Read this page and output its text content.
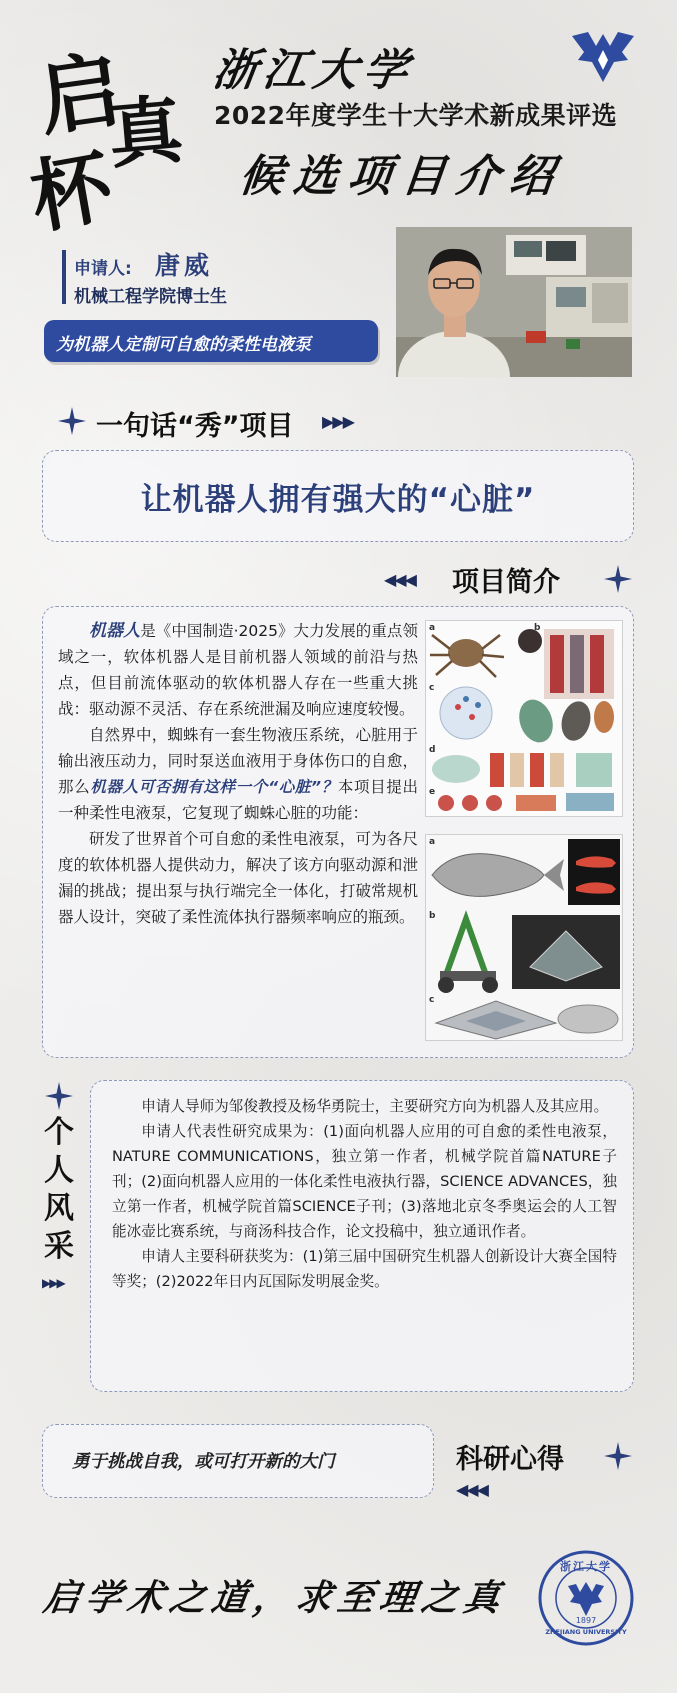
启
真
杯
浙江大学
2022年度学生十大学术新成果评选
候选项目介绍
申请人: 唐威
机械工程学院博士生
为机器人定制可自愈的柔性电液泵
一句话“秀”项目 ▶▶▶
让机器人拥有强大的“心脏”
◀◀◀ 项目简介

机器人是《中国制造·2025》大力发展的重点领域之一，软体机器人是目前机器人领域的前沿与热点，但目前流体驱动的软体机器人存在一些重大挑战：驱动源不灵活、存在系统泄漏及响应速度较慢。

自然界中，蜘蛛有一套生物液压系统，心脏用于输出液压动力，同时泵送血液用于身体伤口的自愈，那么机器人可否拥有这样一个“心脏”？本项目提出一种柔性电液泵，它复现了蜘蛛心脏的功能：

研发了世界首个可自愈的柔性电液泵，可为各尺度的软体机器人提供动力，解决了该方向驱动源和泄漏的挑战；提出泵与执行端完全一体化，打破常规机器人设计，突破了柔性流体执行器频率响应的瓶颈。

a	b
c
d
e
a
b
c
个
人
风
采
▶▶▶

申请人导师为邹俊教授及杨华勇院士，主要研究方向为机器人及其应用。

申请人代表性研究成果为：(1)面向机器人应用的可自愈的柔性电液泵，NATURE COMMUNICATIONS，独立第一作者，机械学院首篇NATURE子刊；(2)面向机器人应用的一体化柔性电液执行器，SCIENCE ADVANCES，独立第一作者，机械学院首篇SCIENCE子刊；(3)落地北京冬季奥运会的人工智能冰壶比赛系统，与商汤科技合作，论文投稿中，独立通讯作者。

申请人主要科研获奖为：(1)第三届中国研究生机器人创新设计大赛全国特等奖；(2)2022年日内瓦国际发明展金奖。

勇于挑战自我，或可打开新的大门	科研心得
◀◀◀
启学术之道，求至理之真
浙江大学
1897
ZHEJIANG UNIVERSITY
